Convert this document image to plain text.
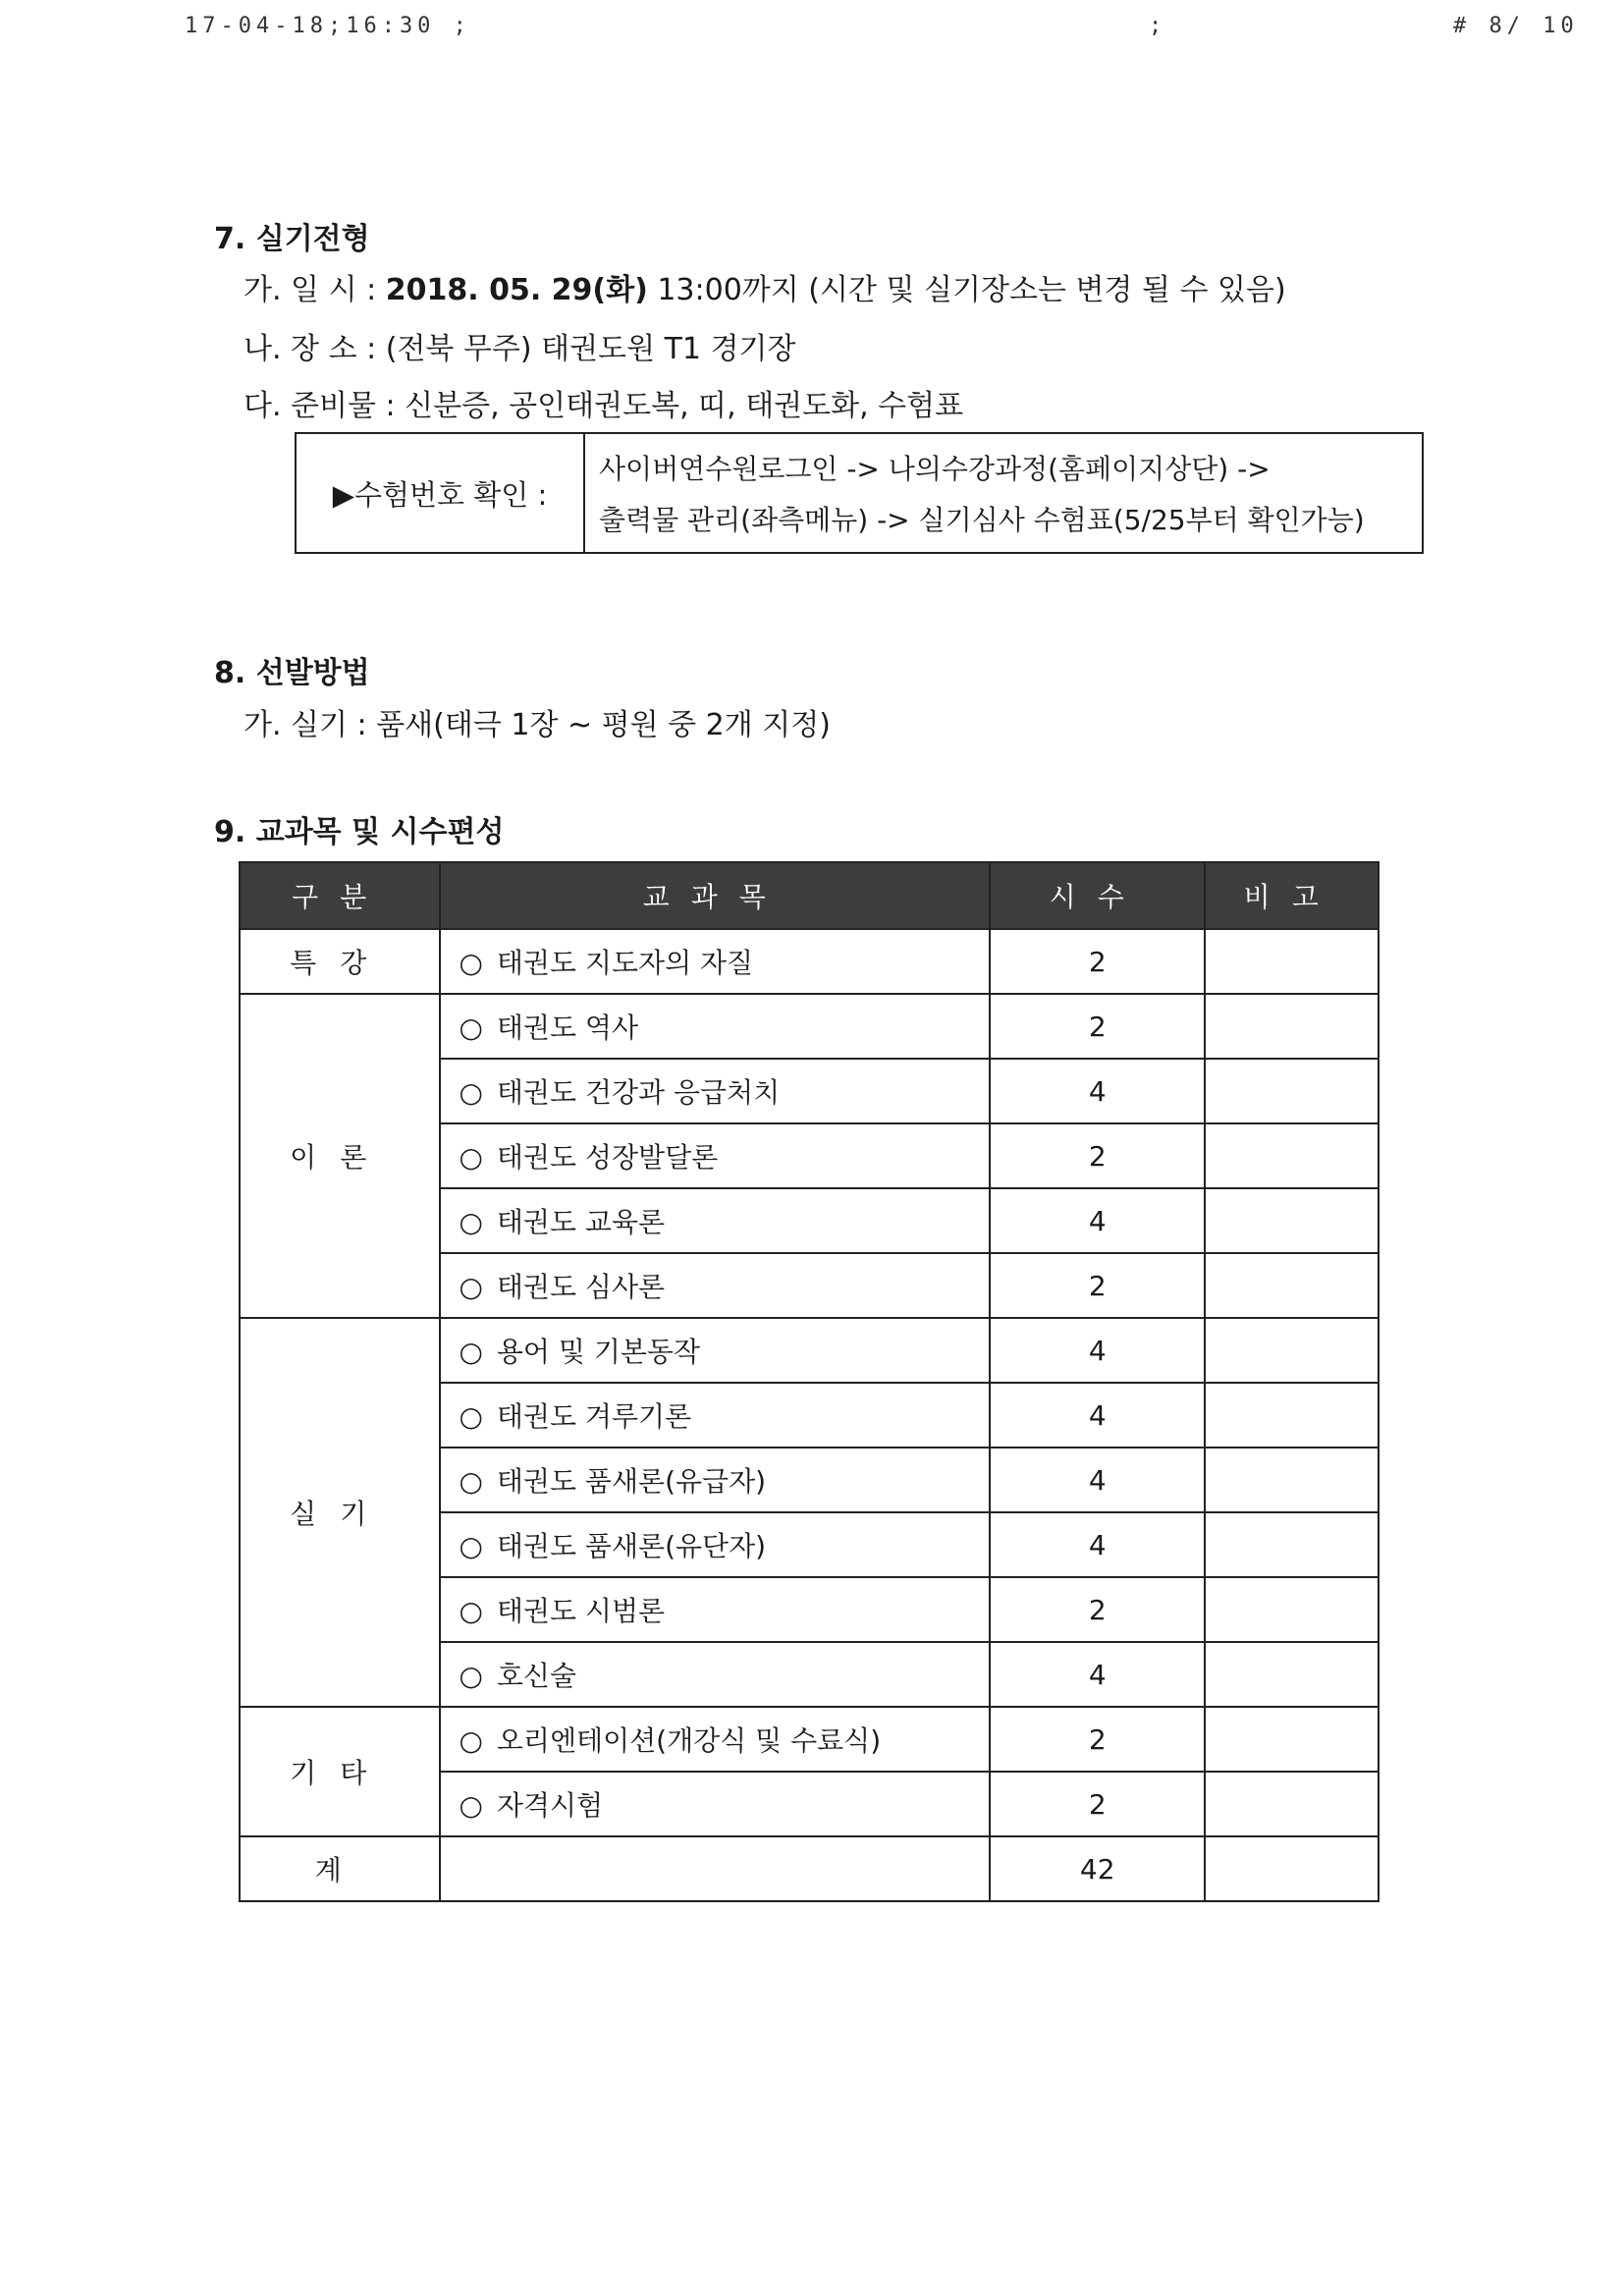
17-04-18;16:30 ;	;	# 8/ 10
7. 실기전형
가. 일 시 : 2018. 05. 29(화) 13:00까지 (시간 및 실기장소는 변경 될 수 있음)
나. 장 소 : (전북 무주) 태권도원 T1 경기장
다. 준비물 : 신분증, 공인태권도복, 띠, 태권도화, 수험표
▶수험번호 확인 :
사이버연수원로그인 -> 나의수강과정(홈페이지상단) ->
출력물 관리(좌측메뉴) -> 실기심사 수험표(5/25부터 확인가능)
8. 선발방법
가. 실기 : 품새(태극 1장 ~ 평원 중 2개 지정)
9. 교과목 및 시수편성
구분	교과목	시수	비고
특강	○ 태권도 지도자의 자질	2	
이론	○ 태권도 역사	2	
	○ 태권도 건강과 응급처치	4	
	○ 태권도 성장발달론	2	
	○ 태권도 교육론	4	
	○ 태권도 심사론	2	
실기	○ 용어 및 기본동작	4	
	○ 태권도 겨루기론	4	
	○ 태권도 품새론(유급자)	4	
	○ 태권도 품새론(유단자)	4	
	○ 태권도 시범론	2	
	○ 호신술	4	
기타	○ 오리엔테이션(개강식 및 수료식)	2	
	○ 자격시험	2	
계		42	
